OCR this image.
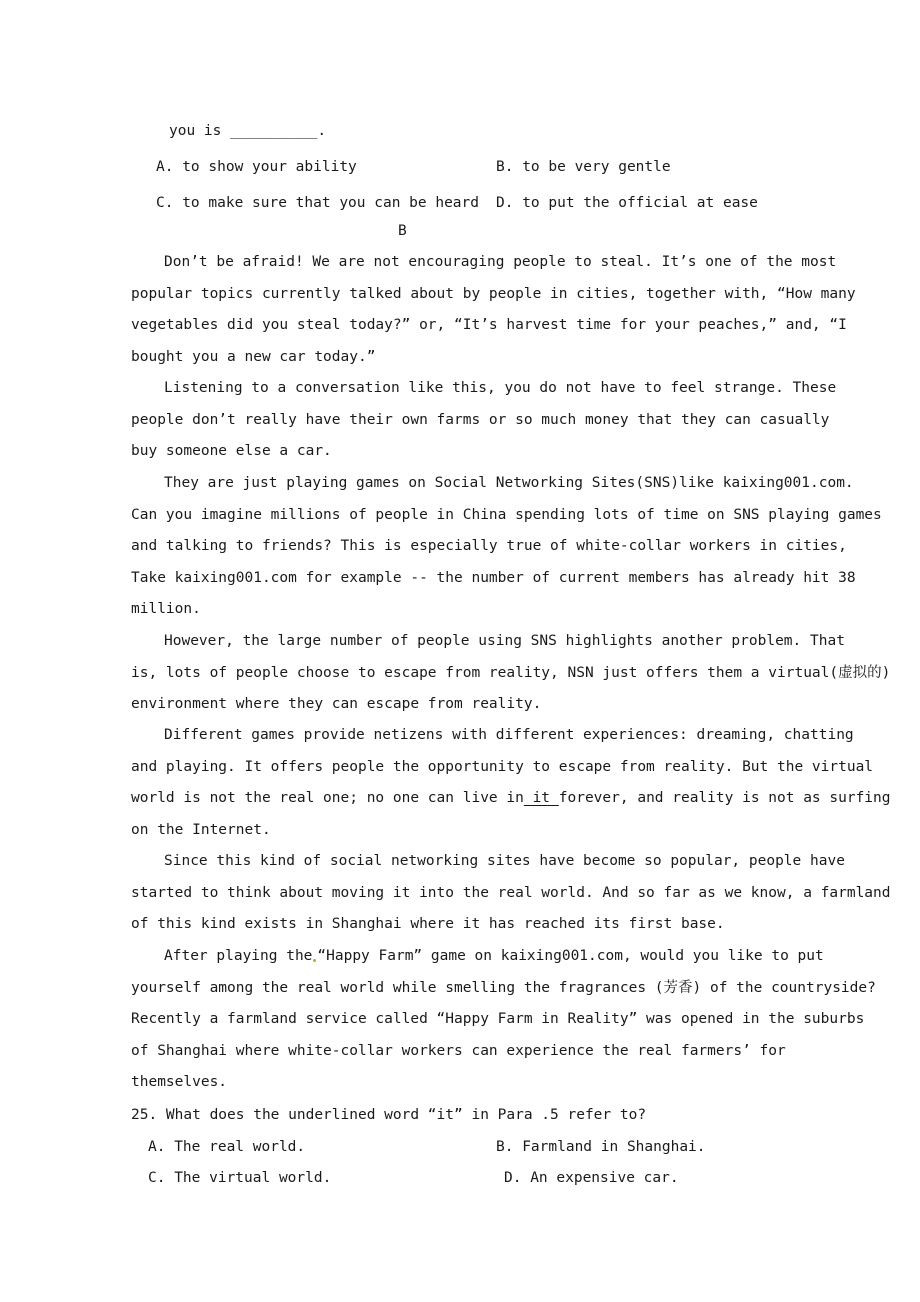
you is __________.
A. to show your ability	B. to be very gentle
C. to make sure that you can be heard D. to put the official at ease
B
Don’t be afraid! We are not encouraging people to steal. It’s one of the most
popular topics currently talked about by people in cities, together with, “How many
vegetables did you steal today?” or, “It’s harvest time for your peaches,” and, “I
bought you a new car today.”
Listening to a conversation like this, you do not have to feel strange. These
people don’t really have their own farms or so much money that they can casually
buy someone else a car.
They are just playing games on Social Networking Sites(SNS)like kaixing001.com.
Can you imagine millions of people in China spending lots of time on SNS playing games
and talking to friends? This is especially true of white-collar workers in cities,
Take kaixing001.com for example -- the number of current members has already hit 38
million.
However, the large number of people using SNS highlights another problem. That
is, lots of people choose to escape from reality, NSN just offers them a virtual(虚拟的)
environment where they can escape from reality.
Different games provide netizens with different experiences: dreaming, chatting
and playing. It offers people the opportunity to escape from reality. But the virtual
world is not the real one; no one can live in it forever, and reality is not as surfing
on the Internet.
Since this kind of social networking sites have become so popular, people have
started to think about moving it into the real world. And so far as we know, a farmland
of this kind exists in Shanghai where it has reached its first base.
After playing the “Happy Farm” game on kaixing001.com, would you like to put
yourself among the real world while smelling the fragrances (芳香) of the countryside?
Recently a farmland service called “Happy Farm in Reality” was opened in the suburbs
of Shanghai where white-collar workers can experience the real farmers’ for
themselves.
25. What does the underlined word “it” in Para .5 refer to?
A. The real world.	B. Farmland in Shanghai.
C. The virtual world.	D. An expensive car.
